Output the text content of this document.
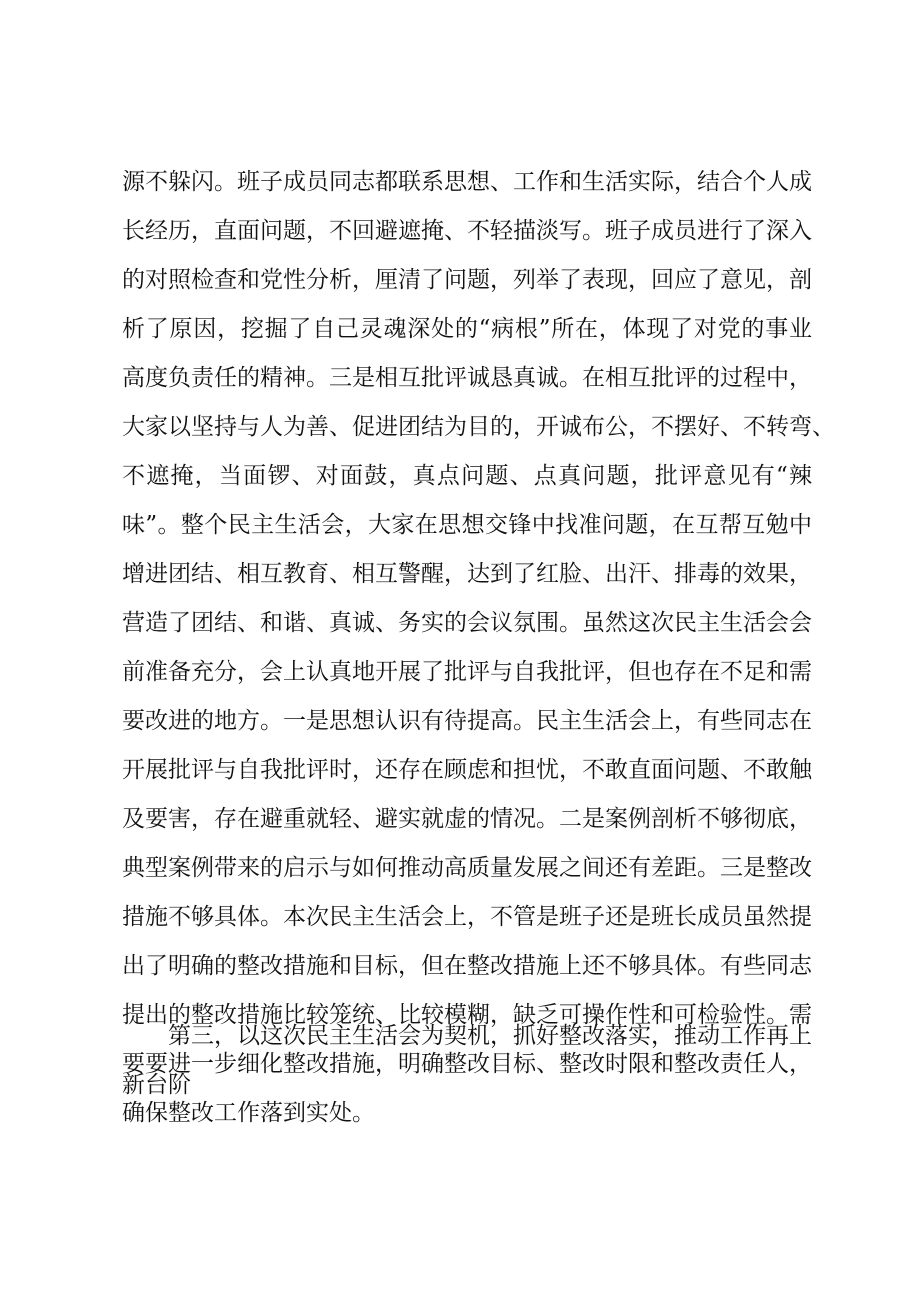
源不躲闪。班子成员同志都联系思想、工作和生活实际，结合个人成
长经历，直面问题，不回避遮掩、不轻描淡写。班子成员进行了深入
的对照检查和党性分析，厘清了问题，列举了表现，回应了意见，剖
析了原因，挖掘了自己灵魂深处的“病根”所在，体现了对党的事业
高度负责任的精神。三是相互批评诚恳真诚。在相互批评的过程中，
大家以坚持与人为善、促进团结为目的，开诚布公，不摆好、不转弯、
不遮掩，当面锣、对面鼓，真点问题、点真问题，批评意见有“辣
味”。整个民主生活会，大家在思想交锋中找准问题，在互帮互勉中
增进团结、相互教育、相互警醒，达到了红脸、出汗、排毒的效果，
营造了团结、和谐、真诚、务实的会议氛围。虽然这次民主生活会会
前准备充分，会上认真地开展了批评与自我批评，但也存在不足和需
要改进的地方。一是思想认识有待提高。民主生活会上，有些同志在
开展批评与自我批评时，还存在顾虑和担忧，不敢直面问题、不敢触
及要害，存在避重就轻、避实就虚的情况。二是案例剖析不够彻底，
典型案例带来的启示与如何推动高质量发展之间还有差距。三是整改
措施不够具体。本次民主生活会上，不管是班子还是班长成员虽然提
出了明确的整改措施和目标，但在整改措施上还不够具体。有些同志
提出的整改措施比较笼统、比较模糊，缺乏可操作性和可检验性。需
要要进一步细化整改措施，明确整改目标、整改时限和整改责任人，
确保整改工作落到实处。
第三，以这次民主生活会为契机，抓好整改落实，推动工作再上
新台阶
